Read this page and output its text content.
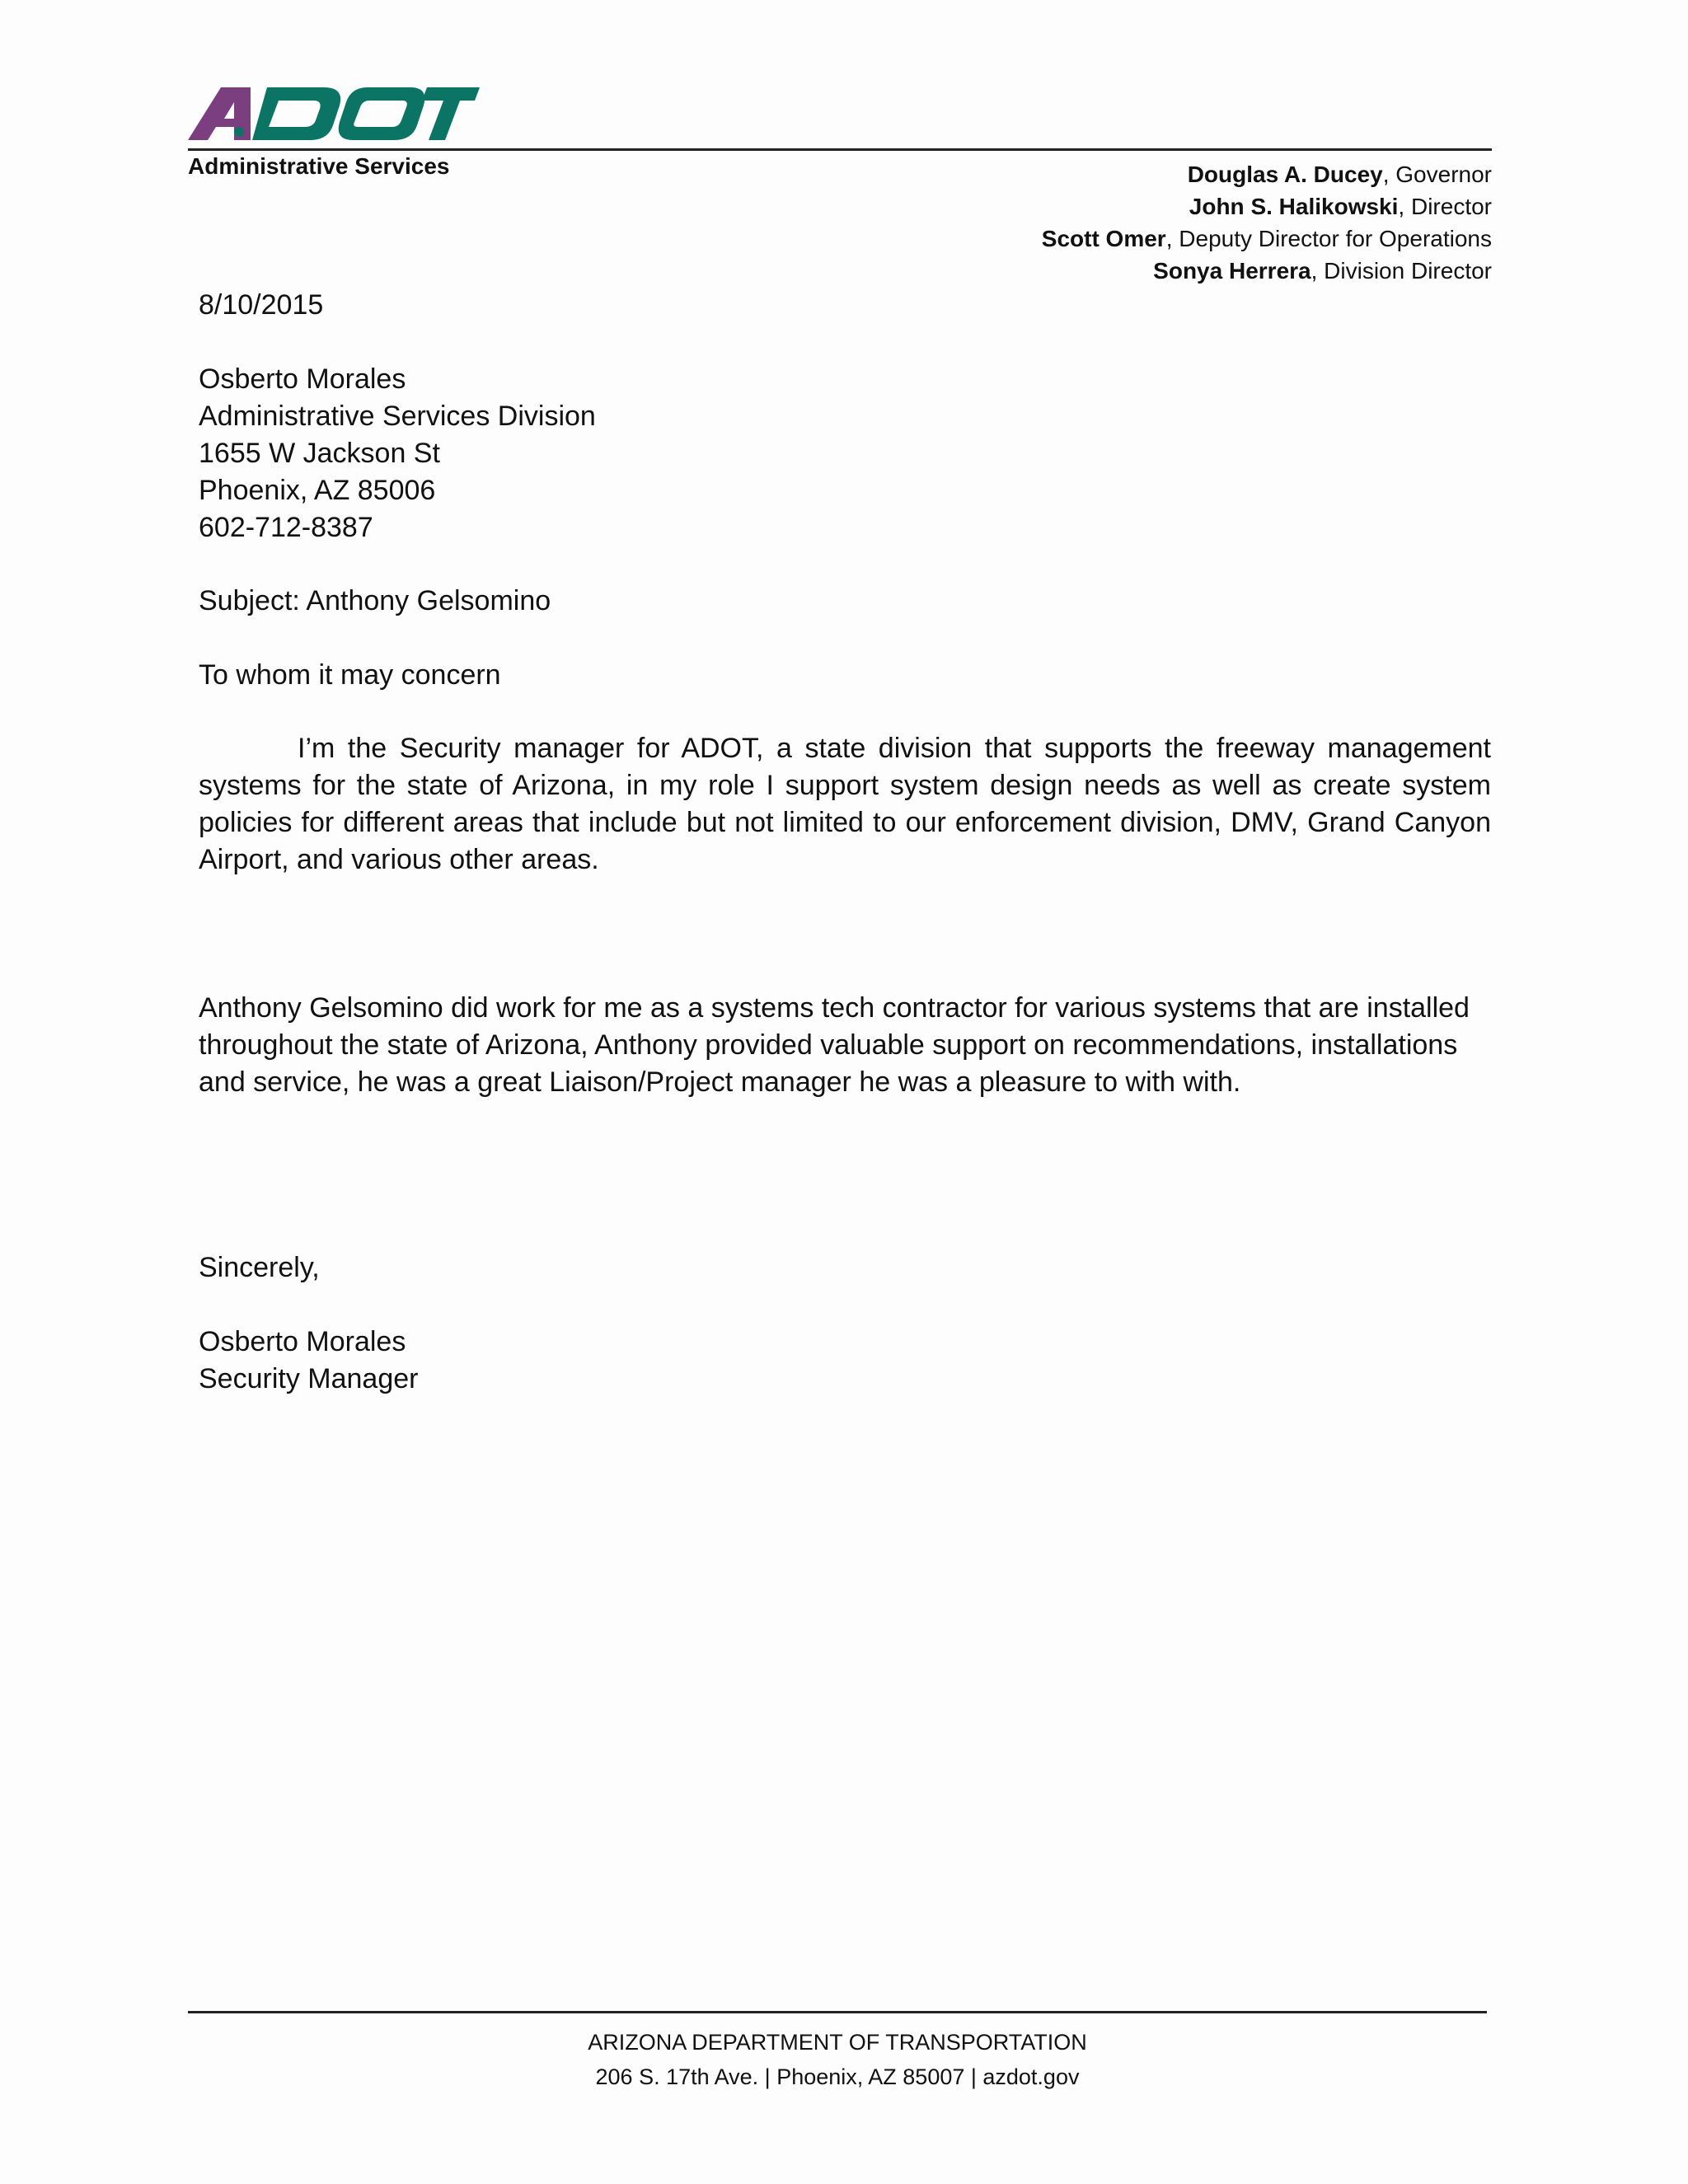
Administrative Services	Douglas A. Ducey, Governor
John S. Halikowski, Director
Scott Omer, Deputy Director for Operations
Sonya Herrera, Division Director
8/10/2015
Osberto Morales
Administrative Services Division
1655 W Jackson St
Phoenix, AZ 85006
602-712-8387
Subject: Anthony Gelsomino
To whom it may concern
I’m the Security manager for ADOT, a state division that supports the freeway management systems for the state of Arizona, in my role I support system design needs as well as create system policies for different areas that include but not limited to our enforcement division, DMV, Grand Canyon Airport, and various other areas.
Anthony Gelsomino did work for me as a systems tech contractor for various systems that are installed
throughout the state of Arizona, Anthony provided valuable support on recommendations, installations
and service, he was a great Liaison/Project manager he was a pleasure to with with.
Sincerely,
Osberto Morales
Security Manager
ARIZONA DEPARTMENT OF TRANSPORTATION
206 S. 17th Ave. | Phoenix, AZ 85007 | azdot.gov
